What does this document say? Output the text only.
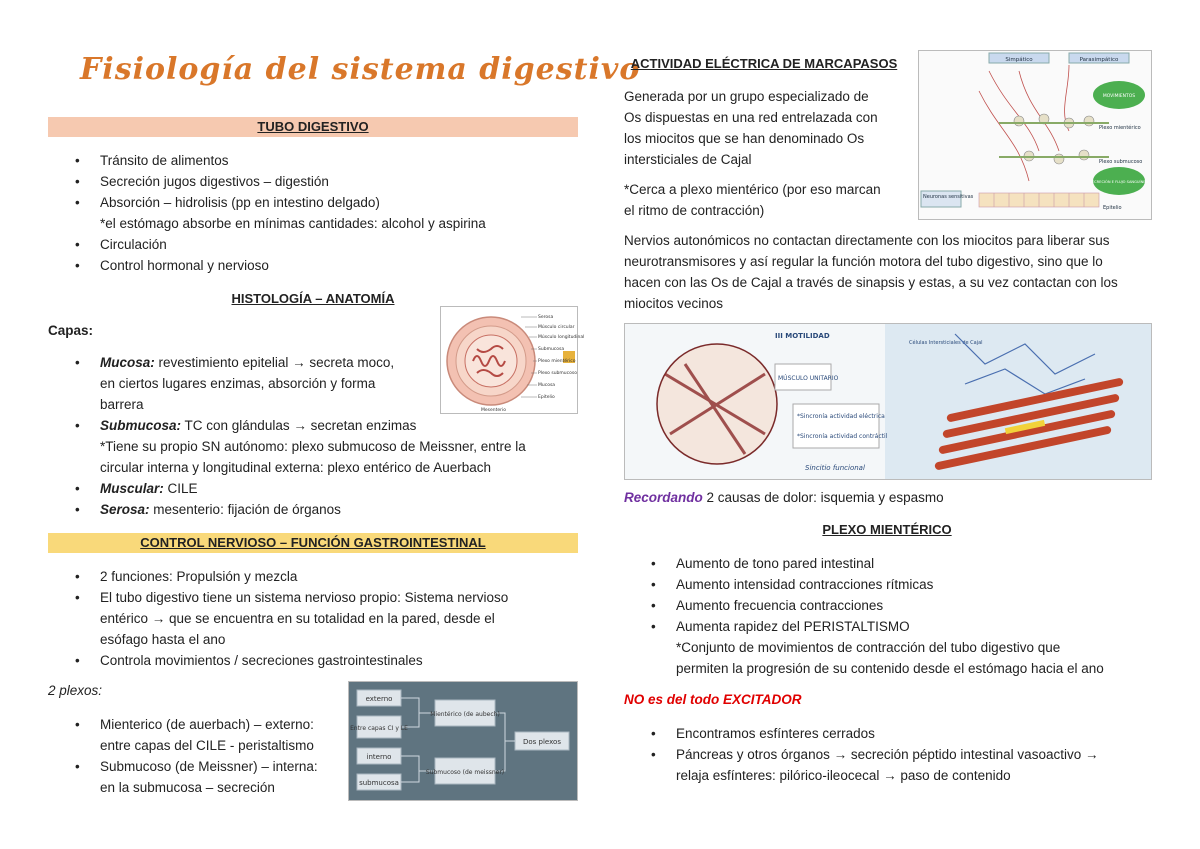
Fisiología del sistema digestivo
TUBO DIGESTIVO
• Tránsito de alimentos
• Secreción jugos digestivos – digestión
• Absorción – hidrolisis (pp en intestino delgado)
*el estómago absorbe en mínimas cantidades: alcohol y aspirina
• Circulación
• Control hormonal y nervioso
HISTOLOGÍA – ANATOMÍA
Capas:
Serosa
Músculo circular
Músculo longitudinal
Submucosa
Plexo mientérico
Plexo submucoso
Mucosa
Epitelio
Mesenterio
• Mucosa: revestimiento epitelial → secreta moco,
en ciertos lugares enzimas, absorción y forma
barrera
• Submucosa: TC con glándulas → secretan enzimas
*Tiene su propio SN autónomo: plexo submucoso de Meissner, entre la
circular interna y longitudinal externa: plexo entérico de Auerbach
• Muscular: CILE
• Serosa: mesenterio: fijación de órganos
CONTROL NERVIOSO – FUNCIÓN GASTROINTESTINAL
• 2 funciones: Propulsión y mezcla
• El tubo digestivo tiene un sistema nervioso propio: Sistema nervioso
entérico → que se encuentra en su totalidad en la pared, desde el
esófago hasta el ano
• Controla movimientos / secreciones gastrointestinales
2 plexos:
• Mienterico (de auerbach) – externo:
entre capas del CILE - peristaltismo
• Submucoso (de Meissner) – interna:
en la submucosa – secreción
externo
Entre capas CI y LE
interno
submucosa
Mientérico (de aubech)
Submucoso (de meissner)
Dos plexos
ACTIVIDAD ELÉCTRICA DE MARCAPASOS
Generada por un grupo especializado de
Os dispuestas en una red entrelazada con
los miocitos que se han denominado Os
intersticiales de Cajal
*Cerca a plexo mientérico (por eso marcan
el ritmo de contracción)
Simpático	Parasimpático
MOVIMIENTOS
SECRECIÓN E FLUJO SANGUÍNEO
Neuronas sensitivas
Epitelio
Plexo mientérico
Plexo submucoso
Nervios autonómicos no contactan directamente con los miocitos para liberar sus
neurotransmisores y así regular la función motora del tubo digestivo, sino que lo
hacen con las Os de Cajal a través de sinapsis y estas, a su vez contactan con los
miocitos vecinos
III MOTILIDAD
MÚSCULO UNITARIO
*Sincronía actividad eléctrica
*Sincronía actividad contráctil
Sincitio funcional
Células Intersticiales de Cajal
Recordando 2 causas de dolor: isquemia y espasmo
PLEXO MIENTÉRICO
• Aumento de tono pared intestinal
• Aumento intensidad contracciones rítmicas
• Aumento frecuencia contracciones
• Aumenta rapidez del PERISTALTISMO
*Conjunto de movimientos de contracción del tubo digestivo que
permiten la progresión de su contenido desde el estómago hacia el ano
NO es del todo EXCITADOR
• Encontramos esfínteres cerrados
• Páncreas y otros órganos → secreción péptido intestinal vasoactivo →
relaja esfínteres: pilórico-ileocecal → paso de contenido
